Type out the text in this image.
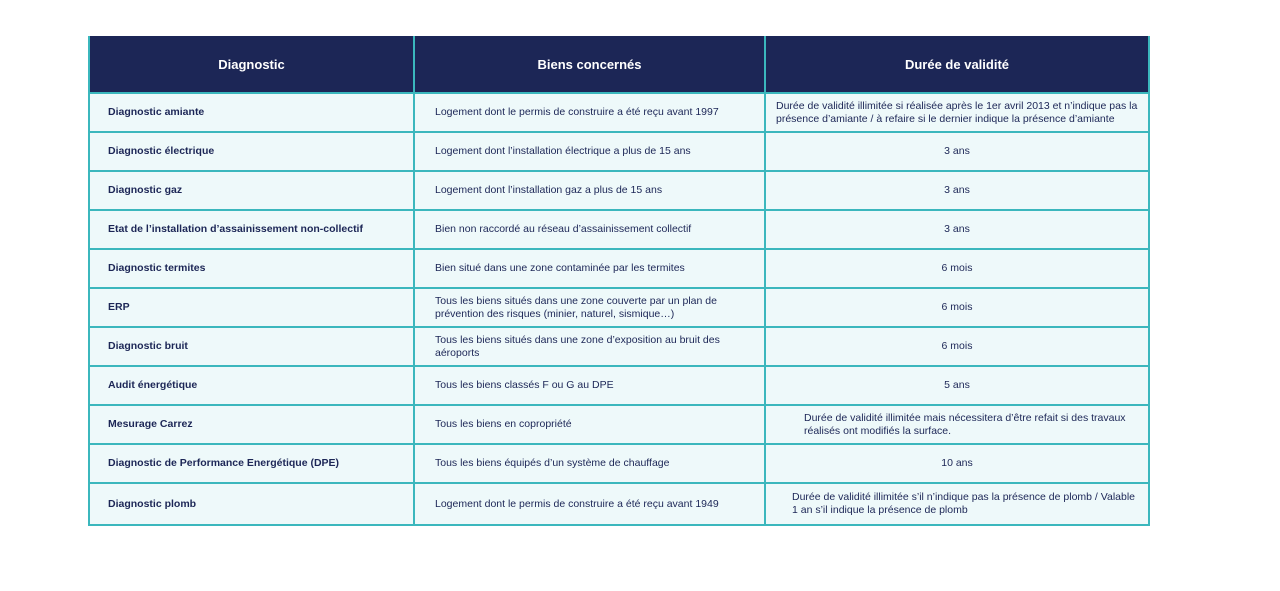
Diagnostic	Biens concernés	Durée de validité
Diagnostic amiante	Logement dont le permis de construire a été reçu avant 1997	Durée de validité illimitée si réalisée après le 1er avril 2013 et n’indique pas la présence d’amiante / à refaire si le dernier indique la présence d’amiante
Diagnostic électrique	Logement dont l’installation électrique a plus de 15 ans	3 ans
Diagnostic gaz	Logement dont l’installation gaz a plus de 15 ans	3 ans
Etat de l’installation d’assainissement non-collectif	Bien non raccordé au réseau d’assainissement collectif	3 ans
Diagnostic termites	Bien situé dans une zone contaminée par les termites	6 mois
ERP	Tous les biens situés dans une zone couverte par un plan de prévention des risques (minier, naturel, sismique…)	6 mois
Diagnostic bruit	Tous les biens situés dans une zone d’exposition au bruit des aéroports	6 mois
Audit énergétique	Tous les biens classés F ou G au DPE	5 ans
Mesurage Carrez	Tous les biens en copropriété	Durée de validité illimitée mais nécessitera d’être refait si des travaux réalisés ont modifiés la surface.
Diagnostic de Performance Energétique (DPE)	Tous les biens équipés d’un système de chauffage	10 ans
Diagnostic plomb	Logement dont le permis de construire a été reçu avant 1949	Durée de validité illimitée s’il n’indique pas la présence de plomb / Valable 1 an s’il indique la présence de plomb
